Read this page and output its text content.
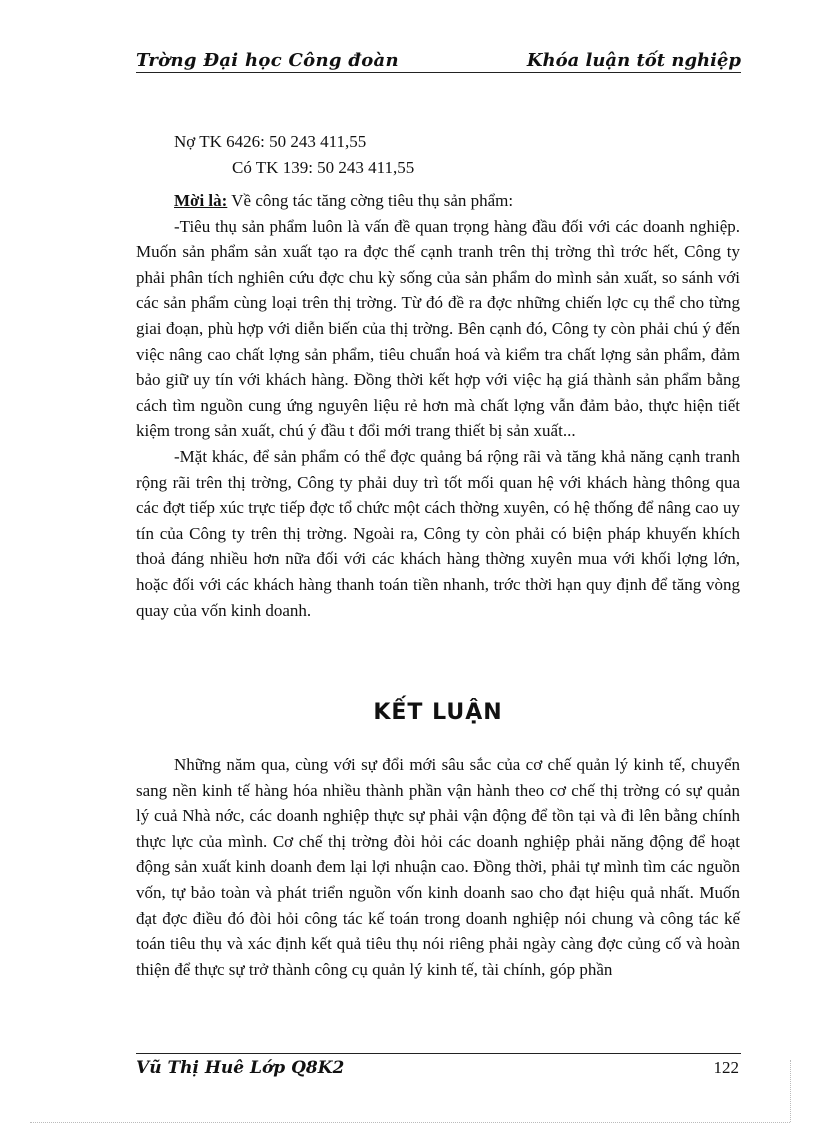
Trờng Đại học Công đoàn	Khóa luận tốt nghiệp
Nợ TK 6426: 50 243 411,55
Có TK 139: 50 243 411,55

Mời là: Về công tác tăng cờng tiêu thụ sản phẩm:

-Tiêu thụ sản phẩm luôn là vấn đề quan trọng hàng đầu đối với các doanh nghiệp. Muốn sản phẩm sản xuất tạo ra đợc thế cạnh tranh trên thị trờng thì trớc hết, Công ty phải phân tích nghiên cứu đợc chu kỳ sống của sản phẩm do mình sản xuất, so sánh với các sản phẩm cùng loại trên thị trờng. Từ đó đề ra đợc những chiến lợc cụ thể cho từng giai đoạn, phù hợp với diễn biến của thị trờng. Bên cạnh đó, Công ty còn phải chú ý đến việc nâng cao chất lợng sản phẩm, tiêu chuẩn hoá và kiểm tra chất lợng sản phẩm, đảm bảo giữ uy tín với khách hàng. Đồng thời kết hợp với việc hạ giá thành sản phẩm bằng cách tìm nguồn cung ứng nguyên liệu rẻ hơn mà chất lợng vẫn đảm bảo, thực hiện tiết kiệm trong sản xuất, chú ý đầu t đổi mới trang thiết bị sản xuất...

-Mặt khác, để sản phẩm có thể đợc quảng bá rộng rãi và tăng khả năng cạnh tranh rộng rãi trên thị trờng, Công ty phải duy trì tốt mối quan hệ với khách hàng thông qua các đợt tiếp xúc trực tiếp đợc tổ chức một cách thờng xuyên, có hệ thống để nâng cao uy tín của Công ty trên thị trờng. Ngoài ra, Công ty còn phải có biện pháp khuyến khích thoả đáng nhiều hơn nữa đối với các khách hàng thờng xuyên mua với khối lợng lớn, hoặc đối với các khách hàng thanh toán tiền nhanh, trớc thời hạn quy định để tăng vòng quay của vốn kinh doanh.

KẾT LUẬN

Những năm qua, cùng với sự đổi mới sâu sắc của cơ chế quản lý kinh tế, chuyển sang nền kinh tế hàng hóa nhiều thành phần vận hành theo cơ chế thị trờng có sự quản lý cuả Nhà nớc, các doanh nghiệp thực sự phải vận động để tồn tại và đi lên bằng chính thực lực của mình. Cơ chế thị trờng đòi hỏi các doanh nghiệp phải năng động để hoạt động sản xuất kinh doanh đem lại lợi nhuận cao. Đồng thời, phải tự mình tìm các nguồn vốn, tự bảo toàn và phát triển nguồn vốn kinh doanh sao cho đạt hiệu quả nhất. Muốn đạt đợc điều đó đòi hỏi công tác kế toán trong doanh nghiệp nói chung và công tác kế toán tiêu thụ và xác định kết quả tiêu thụ nói riêng phải ngày càng đợc củng cố và hoàn thiện để thực sự trở thành công cụ quản lý kinh tế, tài chính, góp phần

Vũ Thị Huê Lớp Q8K2	122
